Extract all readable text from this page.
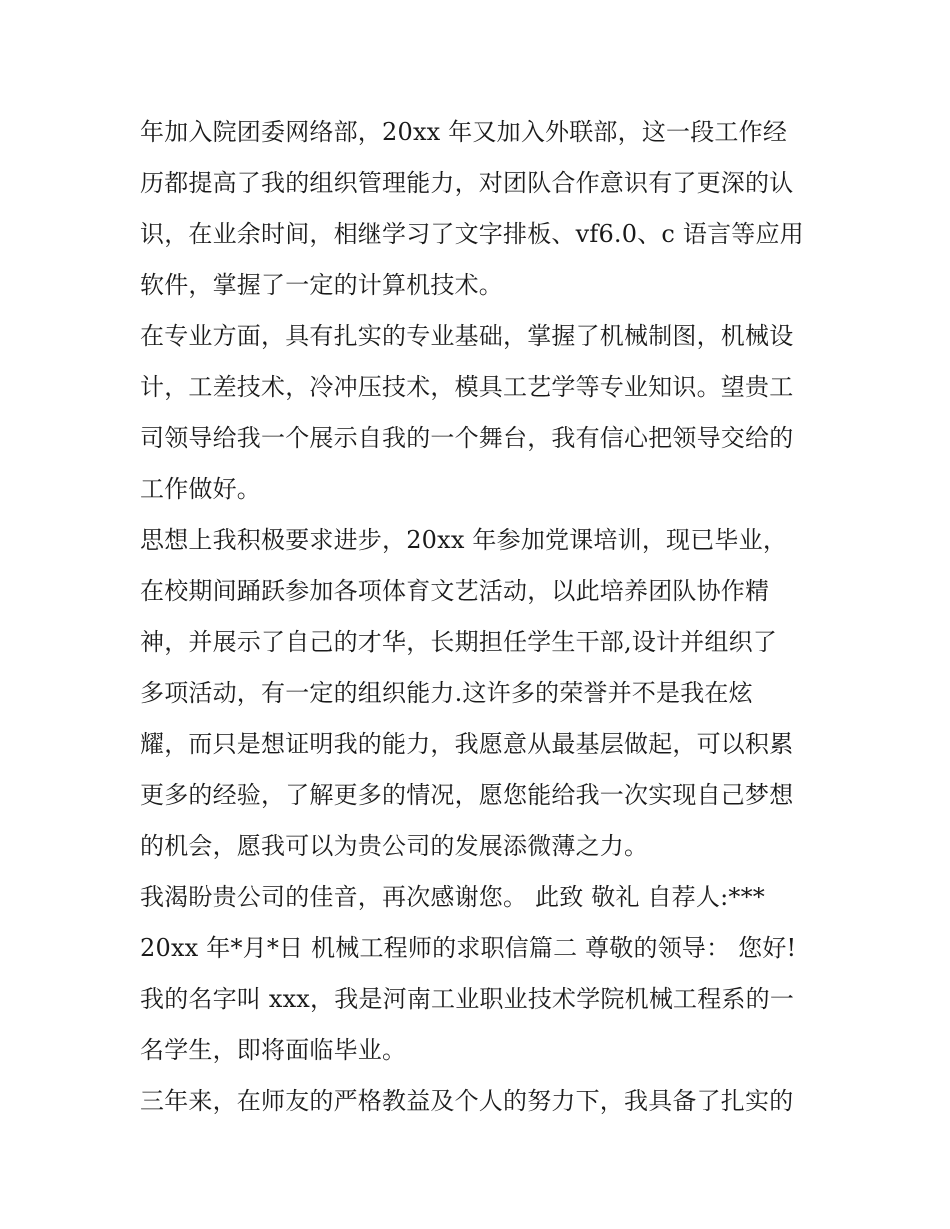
年加入院团委网络部，20xx 年又加入外联部，这一段工作经
历都提高了我的组织管理能力，对团队合作意识有了更深的认
识，在业余时间，相继学习了文字排板、vf6.0、c 语言等应用
软件，掌握了一定的计算机技术。
在专业方面，具有扎实的专业基础，掌握了机械制图，机械设
计，工差技术，冷冲压技术，模具工艺学等专业知识。望贵工
司领导给我一个展示自我的一个舞台，我有信心把领导交给的
工作做好。
思想上我积极要求进步，20xx 年参加党课培训，现已毕业，
在校期间踊跃参加各项体育文艺活动，以此培养团队协作精
神，并展示了自己的才华，长期担任学生干部,设计并组织了
多项活动，有一定的组织能力.这许多的荣誉并不是我在炫
耀，而只是想证明我的能力，我愿意从最基层做起，可以积累
更多的经验，了解更多的情况，愿您能给我一次实现自己梦想
的机会，愿我可以为贵公司的发展添微薄之力。
我渴盼贵公司的佳音，再次感谢您。 此致 敬礼 自荐人:***
20xx 年*月*日 机械工程师的求职信篇二 尊敬的领导： 您好!
我的名字叫 xxx，我是河南工业职业技术学院机械工程系的一
名学生，即将面临毕业。
三年来，在师友的严格教益及个人的努力下，我具备了扎实的
